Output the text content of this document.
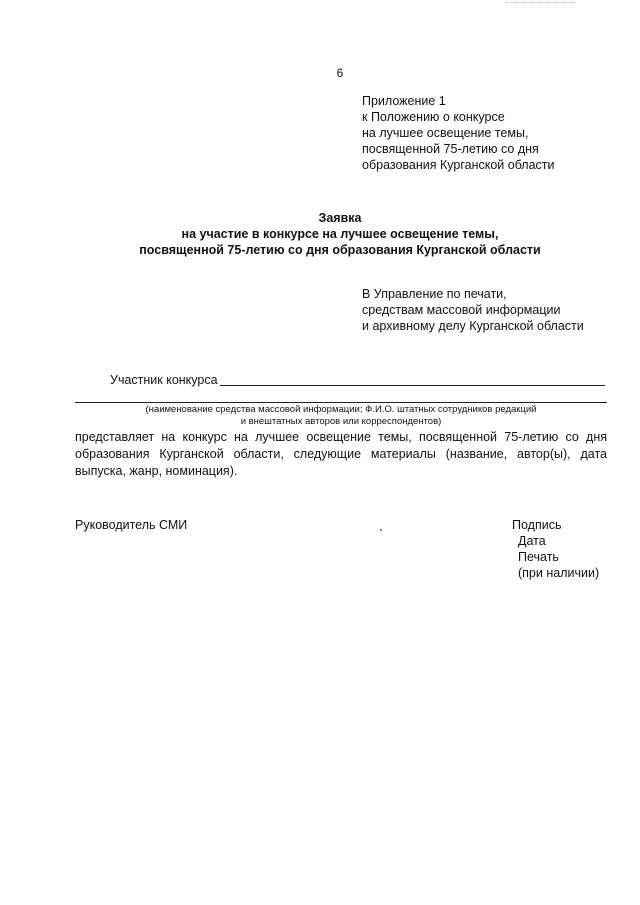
6
Приложение 1
к Положению о конкурсе
на лучшее освещение темы,
посвященной 75-летию со дня
образования Курганской области
Заявка
на участие в конкурсе на лучшее освещение темы,
посвященной 75-летию со дня образования Курганской области
В Управление по печати,
средствам массовой информации
и архивному делу Курганской области
Участник конкурса
(наименование средства массовой информации; Ф.И.О. штатных сотрудников редакций
и внештатных авторов или корреспондентов)
представляет на конкурс на лучшее освещение темы, посвященной 75-летию со дня образования Курганской области, следующие материалы (название, автор(ы), дата выпуска, жанр, номинация).
Руководитель СМИ	Подпись
Дата
Печать
(при наличии)
